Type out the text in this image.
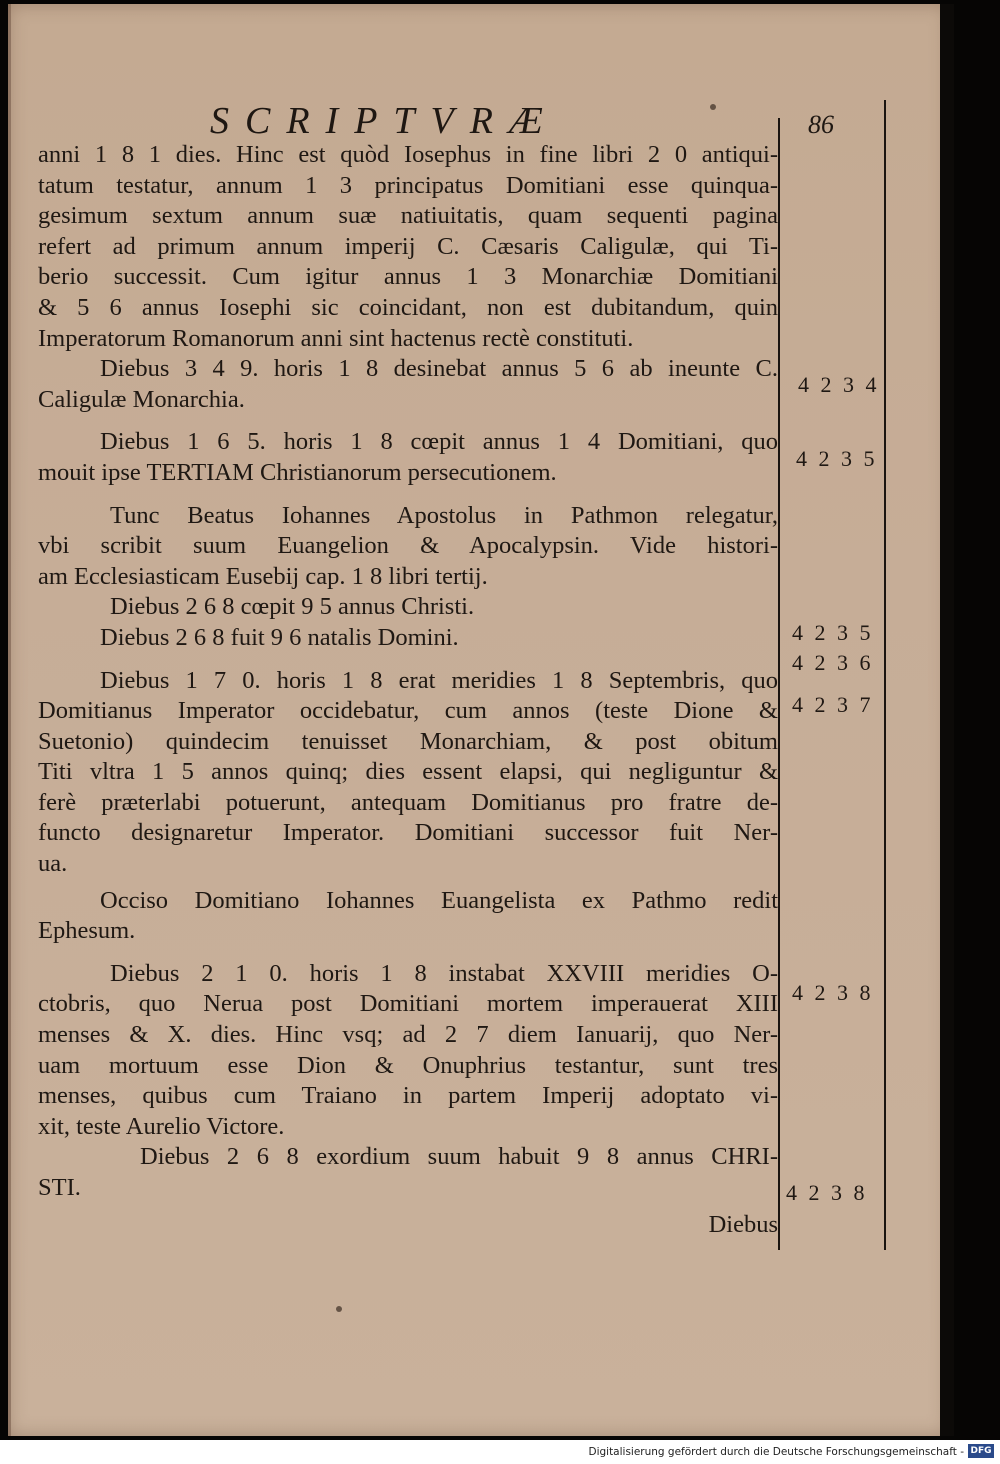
SCRIPTVRÆ	86
anni 1 8 1 dies. Hinc est quòd Iosephus in fine libri 2 0 antiqui-
tatum testatur, annum 1 3 principatus Domitiani esse quinqua-
gesimum sextum annum suæ natiuitatis, quam sequenti pagina
refert ad primum annum imperij C. Cæsaris Caligulæ, qui Ti-
berio successit. Cum igitur annus 1 3 Monarchiæ Domitiani
& 5 6 annus Iosephi sic coincidant, non est dubitandum, quin
Imperatorum Romanorum anni sint hactenus rectè constituti.
Diebus 3 4 9. horis 1 8 desinebat annus 5 6 ab ineunte C.
Caligulæ Monarchia.
Diebus 1 6 5. horis 1 8 cœpit annus 1 4 Domitiani, quo
mouit ipse TERTIAM Christianorum persecutionem.
Tunc Beatus Iohannes Apostolus in Pathmon relegatur,
vbi scribit suum Euangelion & Apocalypsin. Vide histori-
am Ecclesiasticam Eusebij cap. 1 8 libri tertij.
Diebus 2 6 8 cœpit 9 5 annus Christi.
Diebus 2 6 8 fuit 9 6 natalis Domini.
Diebus 1 7 0. horis 1 8 erat meridies 1 8 Septembris, quo
Domitianus Imperator occidebatur, cum annos (teste Dione &
Suetonio) quindecim tenuisset Monarchiam, & post obitum
Titi vltra 1 5 annos quinq; dies essent elapsi, qui negliguntur &
ferè præterlabi potuerunt, antequam Domitianus pro fratre de-
functo designaretur Imperator. Domitiani successor fuit Ner-
ua.
Occiso Domitiano Iohannes Euangelista ex Pathmo redit
Ephesum.
Diebus 2 1 0. horis 1 8 instabat XXVIII meridies O-
ctobris, quo Nerua post Domitiani mortem imperauerat XIII
menses & X. dies. Hinc vsq; ad 2 7 diem Ianuarij, quo Ner-
uam mortuum esse Dion & Onuphrius testantur, sunt tres
menses, quibus cum Traiano in partem Imperij adoptato vi-
xit, teste Aurelio Victore.
Diebus 2 6 8 exordium suum habuit 9 8 annus CHRI-
STI.
Diebus
4 2 3 4
4 2 3 5
4 2 3 5
4 2 3 6
4 2 3 7
4 2 3 8
4 2 3 8
Digitalisierung gefördert durch die Deutsche Forschungsgemeinschaft - DFG
